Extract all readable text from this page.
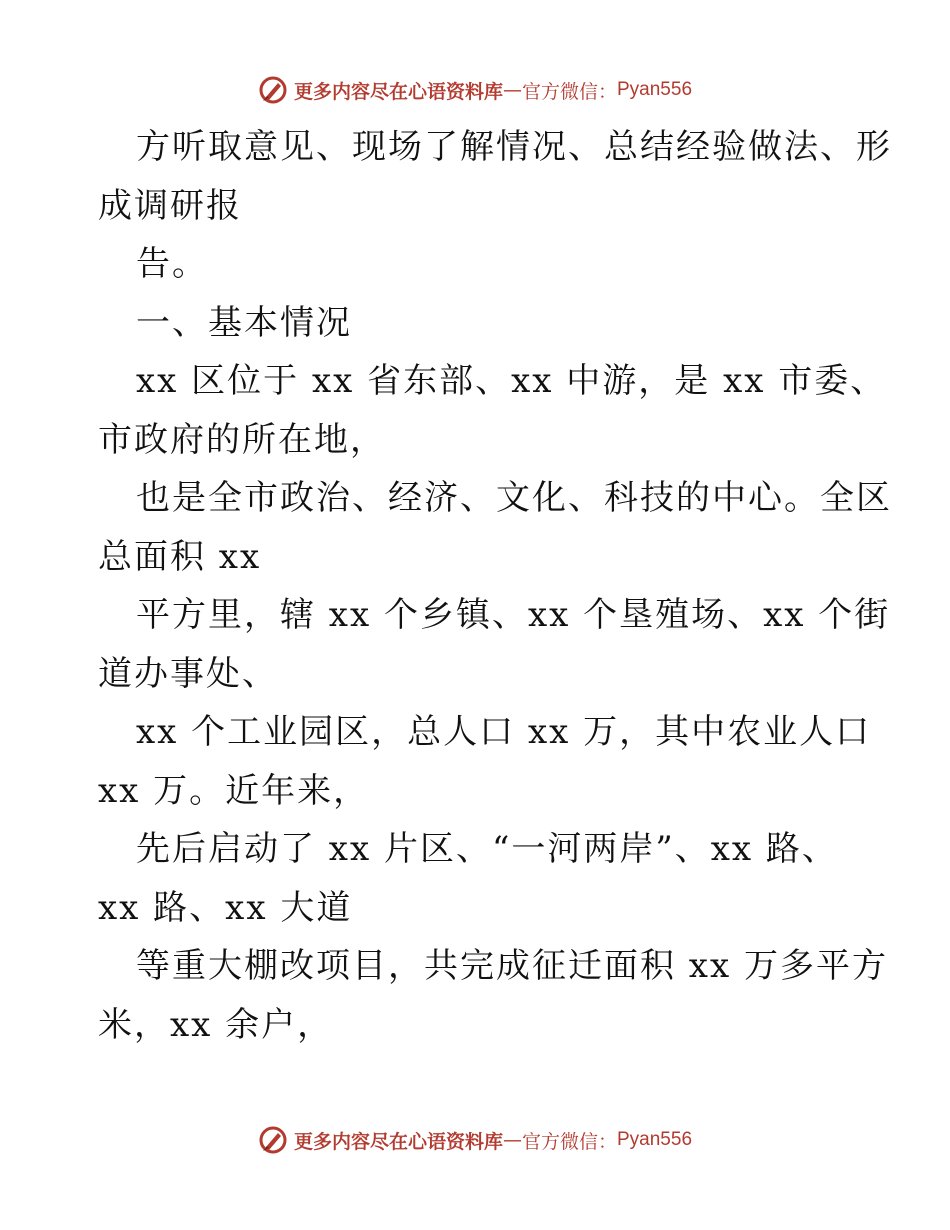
更多内容尽在心语资料库 — 官方微信： Pyan556
方听取意见、现场了解情况、总结经验做法、形
成调研报
告。
一、基本情况
xx 区位于 xx 省东部、xx 中游，是 xx 市委、
市政府的所在地，
也是全市政治、经济、文化、科技的中心。全区
总面积 xx
平方里，辖 xx 个乡镇、xx 个垦殖场、xx 个街
道办事处、
xx 个工业园区，总人口 xx 万，其中农业人口
xx 万。近年来，
先后启动了 xx 片区、“一河两岸”、xx 路、
xx 路、xx 大道
等重大棚改项目，共完成征迁面积 xx 万多平方
米，xx 余户，
更多内容尽在心语资料库 — 官方微信： Pyan556
